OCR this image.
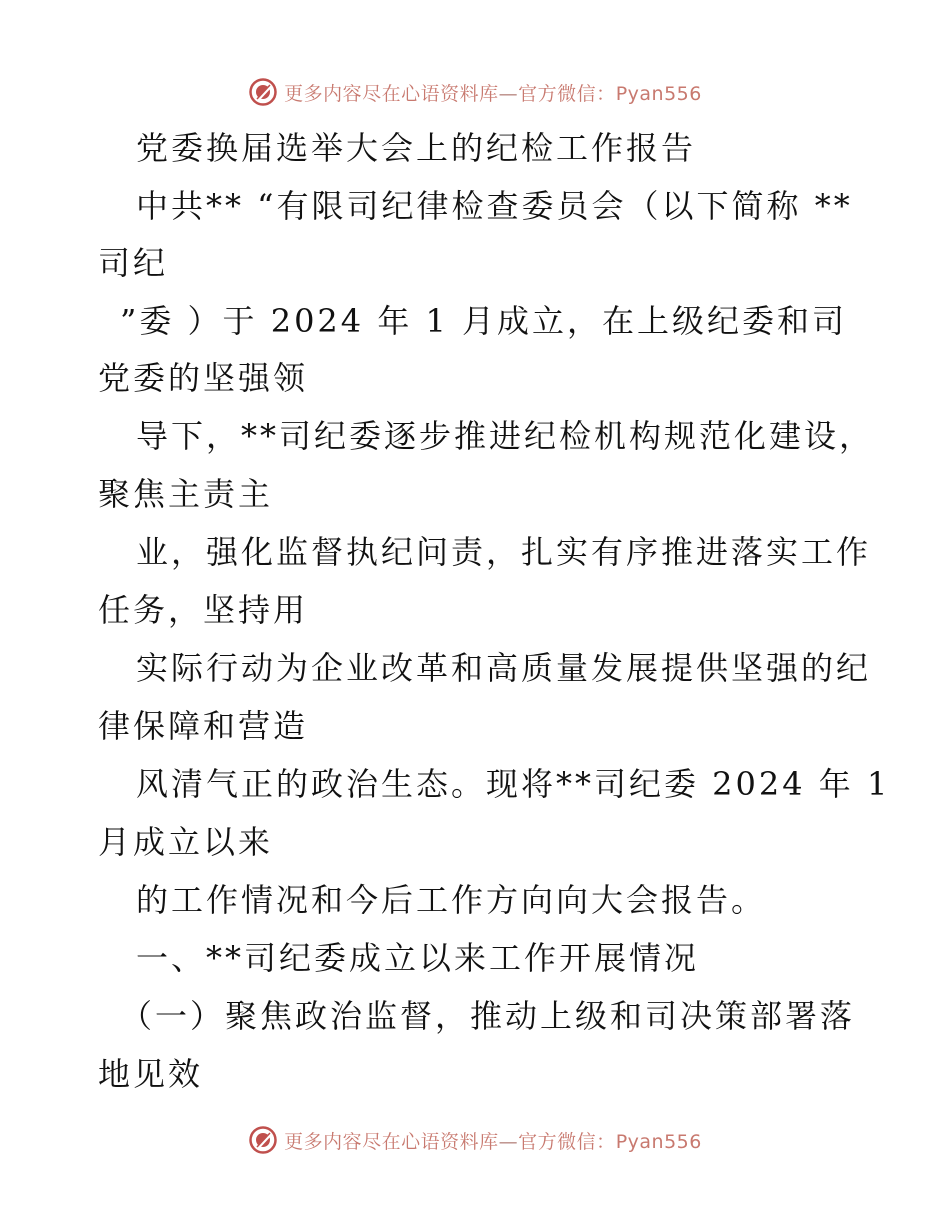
更多内容尽在心语资料库—官方微信：Pyan556
党委换届选举大会上的纪检工作报告
中共** “有限司纪律检查委员会（以下简称 **
司纪
”委 ）于 2024 年 1 月成立，在上级纪委和司
党委的坚强领
导下，**司纪委逐步推进纪检机构规范化建设，
聚焦主责主
业，强化监督执纪问责，扎实有序推进落实工作
任务，坚持用
实际行动为企业改革和高质量发展提供坚强的纪
律保障和营造
风清气正的政治生态。现将**司纪委 2024 年 1
月成立以来
的工作情况和今后工作方向向大会报告。
一、**司纪委成立以来工作开展情况
（一）聚焦政治监督，推动上级和司决策部署落
地见效
更多内容尽在心语资料库—官方微信：Pyan556
